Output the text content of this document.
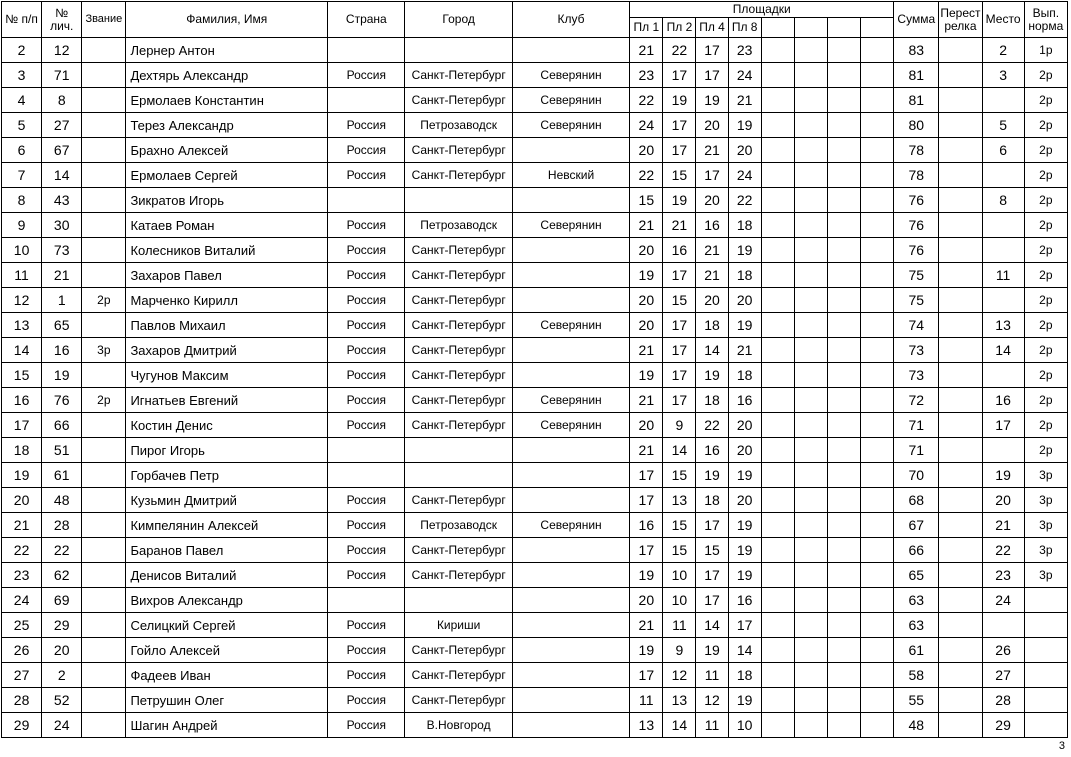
№ п/п	№ лич.	Звание	Фамилия, Имя	Страна	Город	Клуб	Площадки								Сумма	Перестрелка	Место	Вып. норма
							Пл 1	Пл 2	Пл 4	Пл 8								
2	12		Лернер Антон				21	22	17	23					83		2	1р
3	71		Дехтярь Александр	Россия	Санкт-Петербург	Северянин	23	17	17	24					81		3	2р
4	8		Ермолаев Константин		Санкт-Петербург	Северянин	22	19	19	21					81			2р
5	27		Терез Александр	Россия	Петрозаводск	Северянин	24	17	20	19					80		5	2р
6	67		Брахно Алексей	Россия	Санкт-Петербург		20	17	21	20					78		6	2р
7	14		Ермолаев Сергей	Россия	Санкт-Петербург	Невский	22	15	17	24					78			2р
8	43		Зикратов Игорь				15	19	20	22					76		8	2р
9	30		Катаев Роман	Россия	Петрозаводск	Северянин	21	21	16	18					76			2р
10	73		Колесников Виталий	Россия	Санкт-Петербург		20	16	21	19					76			2р
11	21		Захаров Павел	Россия	Санкт-Петербург		19	17	21	18					75		11	2р
12	1	2р	Марченко Кирилл	Россия	Санкт-Петербург		20	15	20	20					75			2р
13	65		Павлов Михаил	Россия	Санкт-Петербург	Северянин	20	17	18	19					74		13	2р
14	16	3р	Захаров Дмитрий	Россия	Санкт-Петербург		21	17	14	21					73		14	2р
15	19		Чугунов Максим	Россия	Санкт-Петербург		19	17	19	18					73			2р
16	76	2р	Игнатьев Евгений	Россия	Санкт-Петербург	Северянин	21	17	18	16					72		16	2р
17	66		Костин Денис	Россия	Санкт-Петербург	Северянин	20	9	22	20					71		17	2р
18	51		Пирог Игорь				21	14	16	20					71			2р
19	61		Горбачев Петр				17	15	19	19					70		19	3р
20	48		Кузьмин Дмитрий	Россия	Санкт-Петербург		17	13	18	20					68		20	3р
21	28		Кимпелянин Алексей	Россия	Петрозаводск	Северянин	16	15	17	19					67		21	3р
22	22		Баранов Павел	Россия	Санкт-Петербург		17	15	15	19					66		22	3р
23	62		Денисов Виталий	Россия	Санкт-Петербург		19	10	17	19					65		23	3р
24	69		Вихров Александр				20	10	17	16					63		24	
25	29		Селицкий Сергей	Россия	Кириши		21	11	14	17					63			
26	20		Гойло Алексей	Россия	Санкт-Петербург		19	9	19	14					61		26	
27	2		Фадеев Иван	Россия	Санкт-Петербург		17	12	11	18					58		27	
28	52		Петрушин Олег	Россия	Санкт-Петербург		11	13	12	19					55		28	
29	24		Шагин Андрей	Россия	В.Новгород		13	14	11	10					48		29	
3
